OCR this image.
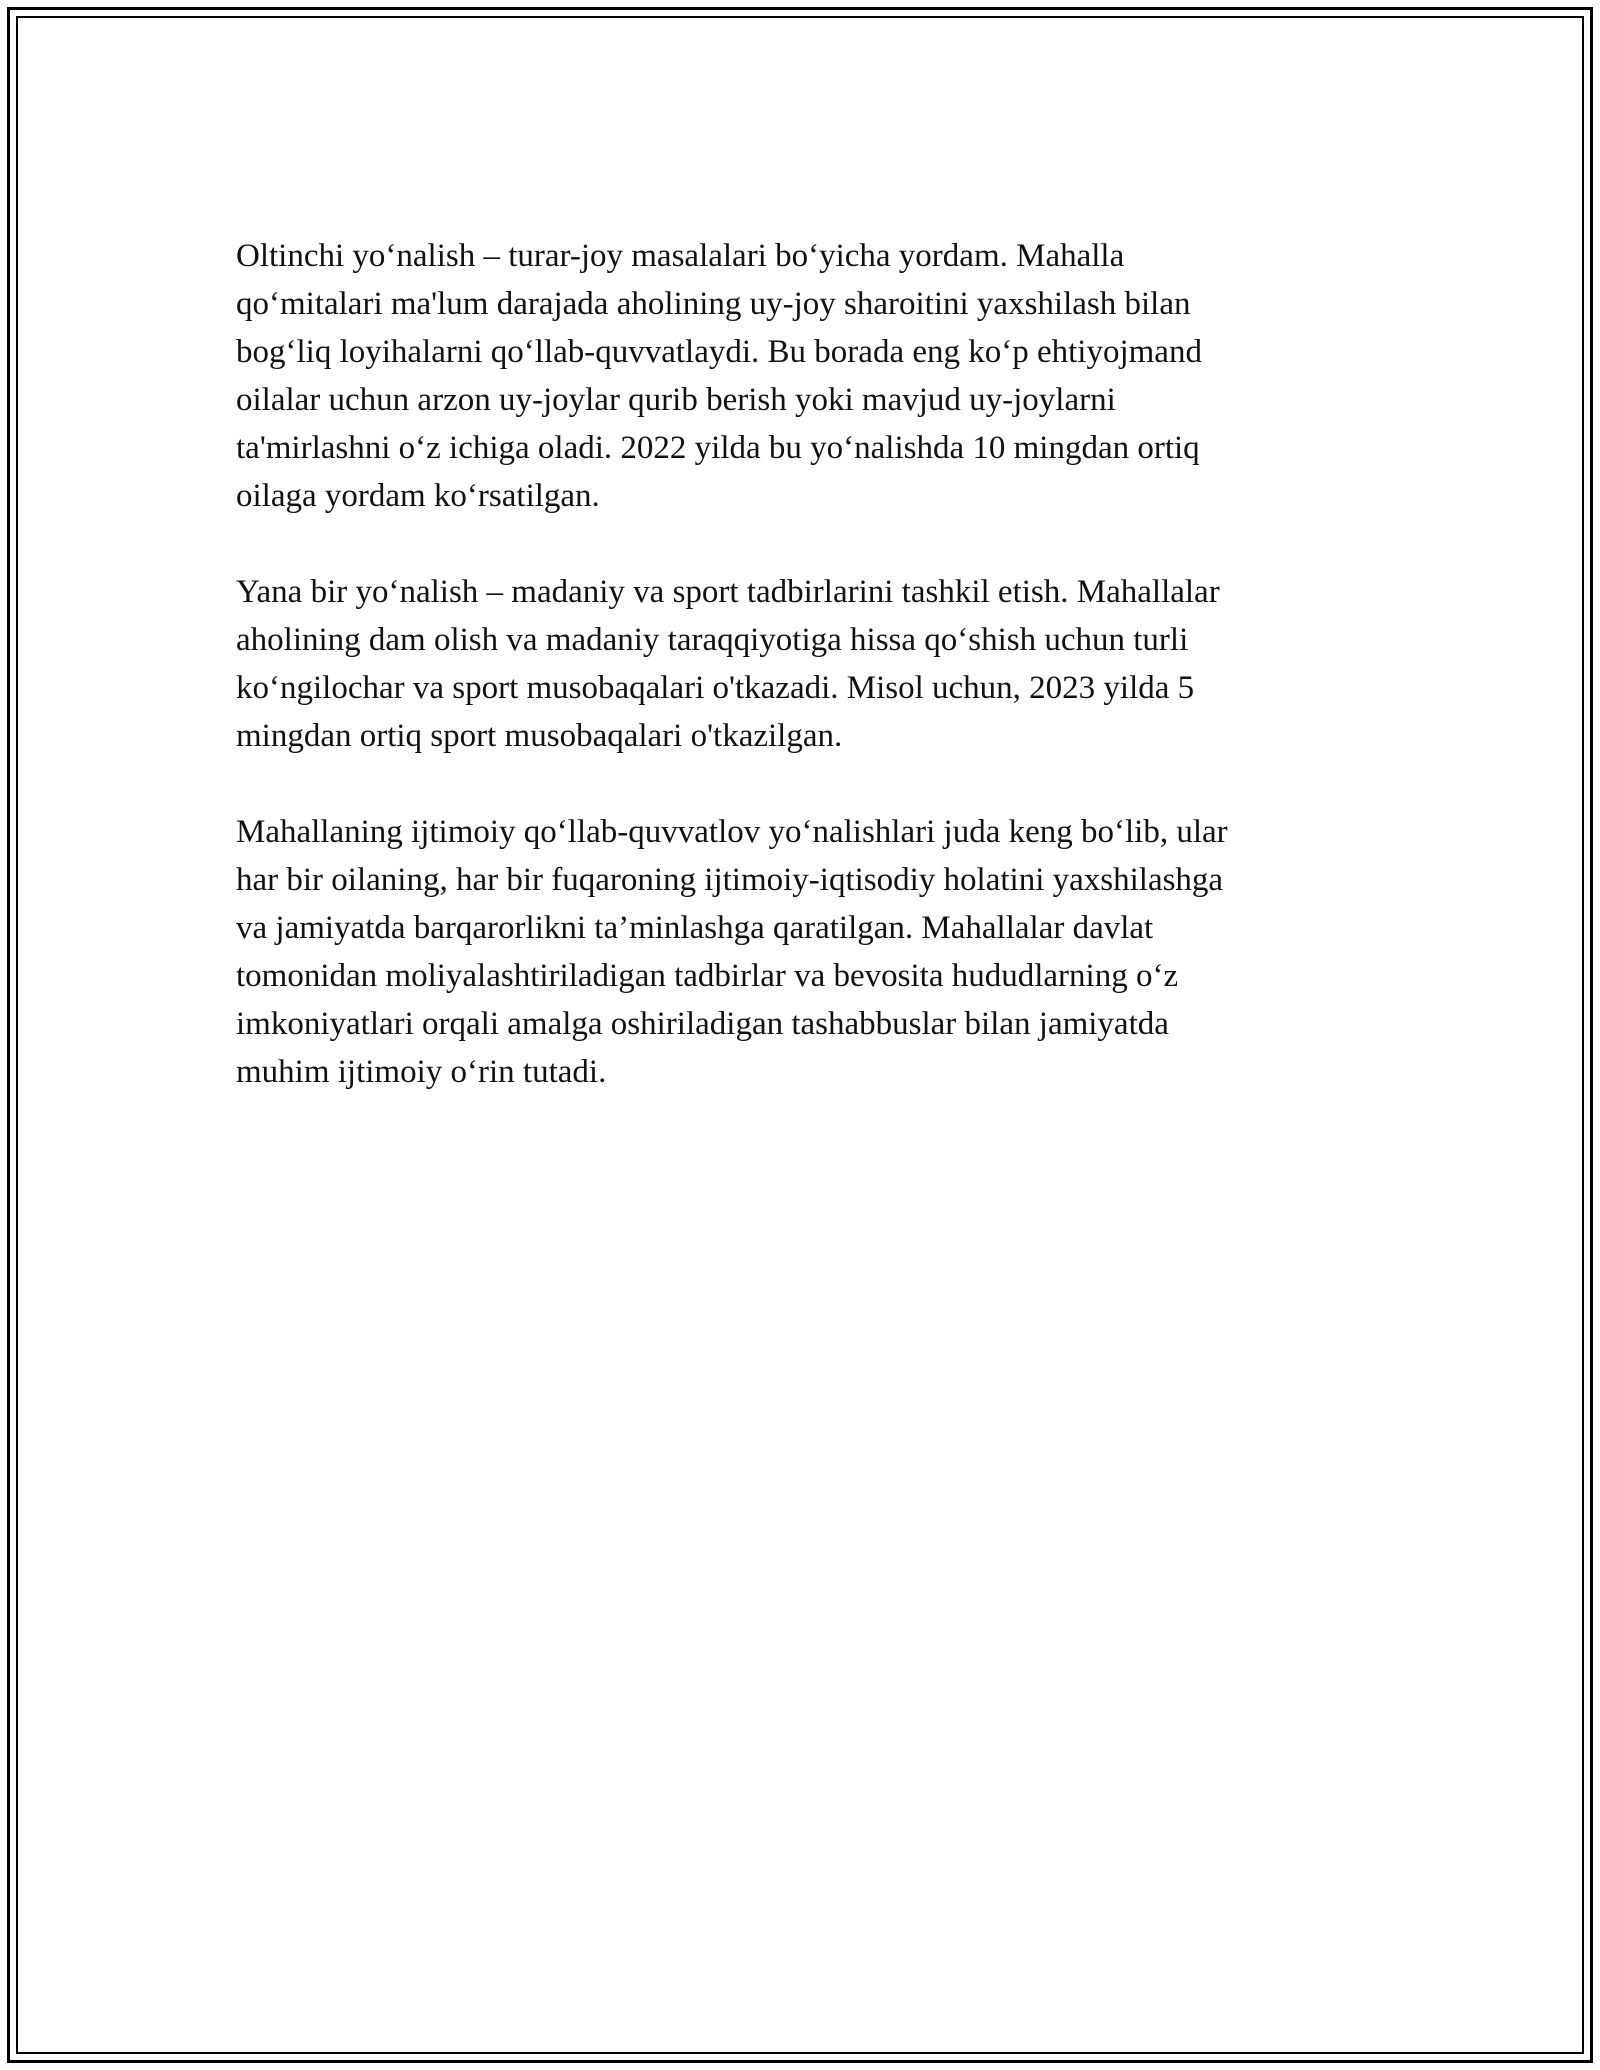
Oltinchi yo‘nalish – turar-joy masalalari bo‘yicha yordam. Mahalla
qo‘mitalari ma'lum darajada aholining uy-joy sharoitini yaxshilash bilan
bog‘liq loyihalarni qo‘llab-quvvatlaydi. Bu borada eng ko‘p ehtiyojmand
oilalar uchun arzon uy-joylar qurib berish yoki mavjud uy-joylarni
ta'mirlashni o‘z ichiga oladi. 2022 yilda bu yo‘nalishda 10 mingdan ortiq
oilaga yordam ko‘rsatilgan.

Yana bir yo‘nalish – madaniy va sport tadbirlarini tashkil etish. Mahallalar
aholining dam olish va madaniy taraqqiyotiga hissa qo‘shish uchun turli
ko‘ngilochar va sport musobaqalari o'tkazadi. Misol uchun, 2023 yilda 5
mingdan ortiq sport musobaqalari o'tkazilgan.

Mahallaning ijtimoiy qo‘llab-quvvatlov yo‘nalishlari juda keng bo‘lib, ular
har bir oilaning, har bir fuqaroning ijtimoiy-iqtisodiy holatini yaxshilashga
va jamiyatda barqarorlikni ta’minlashga qaratilgan. Mahallalar davlat
tomonidan moliyalashtiriladigan tadbirlar va bevosita hududlarning o‘z
imkoniyatlari orqali amalga oshiriladigan tashabbuslar bilan jamiyatda
muhim ijtimoiy o‘rin tutadi.
